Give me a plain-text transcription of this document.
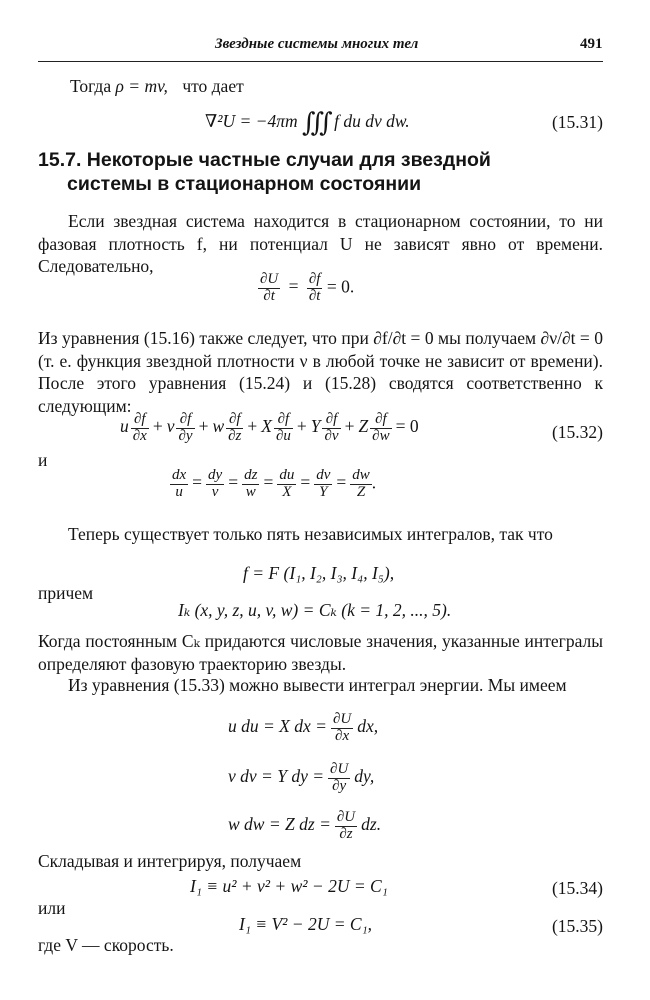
Звездные системы многих тел	491
Тогда ρ = mv, что дает
∇²U = −4πm ∭ f du dv dw.	(15.31)
15.7. Некоторые частные случаи для звездной
системы в стационарном состоянии
Если звездная система находится в стационарном состоянии, то ни фазовая плотность f, ни потенциал U не зависят явно от времени. Следовательно,
$\frac{\partial U}{\partial t} = \frac{\partial f}{\partial t} = 0$.
Из уравнения (15.16) также следует, что при ∂f/∂t = 0 мы получаем ∂ν/∂t = 0 (т. е. функция звездной плотности ν в любой точке не зависит от времени). После этого уравнения (15.24) и (15.28) сводятся соответственно к следующим:
u $\frac{\partial f}{\partial x} + v \frac{\partial f}{\partial y} + w \frac{\partial f}{\partial z} + X \frac{\partial f}{\partial u} + Y \frac{\partial f}{\partial v} + Z \frac{\partial f}{\partial w} = 0$	(15.32)
и
$\frac{dx}{u} = \frac{dy}{v} = \frac{dz}{w} = \frac{du}{X} = \frac{dv}{Y} = \frac{dw}{Z}$ .
Теперь существует только пять независимых интегралов, так что
f = F (I₁, I₂, I₃, I₄, I₅),
причем
Iₖ (x, y, z, u, v, w) = Cₖ (k = 1, 2, ..., 5).
Когда постоянным Cₖ придаются числовые значения, указанные интегралы определяют фазовую траекторию звезды.
Из уравнения (15.33) можно вывести интеграл энергии. Мы имеем
u du = X dx = $\frac{\partial U}{\partial x}$ dx,
v dv = Y dy = $\frac{\partial U}{\partial y}$ dy,
w dw = Z dz = $\frac{\partial U}{\partial z}$ dz.
Складывая и интегрируя, получаем
I₁ ≡ u² + v² + w² − 2U = C₁	(15.34)
или
I₁ ≡ V² − 2U = C₁,	(15.35)
где V — скорость.
